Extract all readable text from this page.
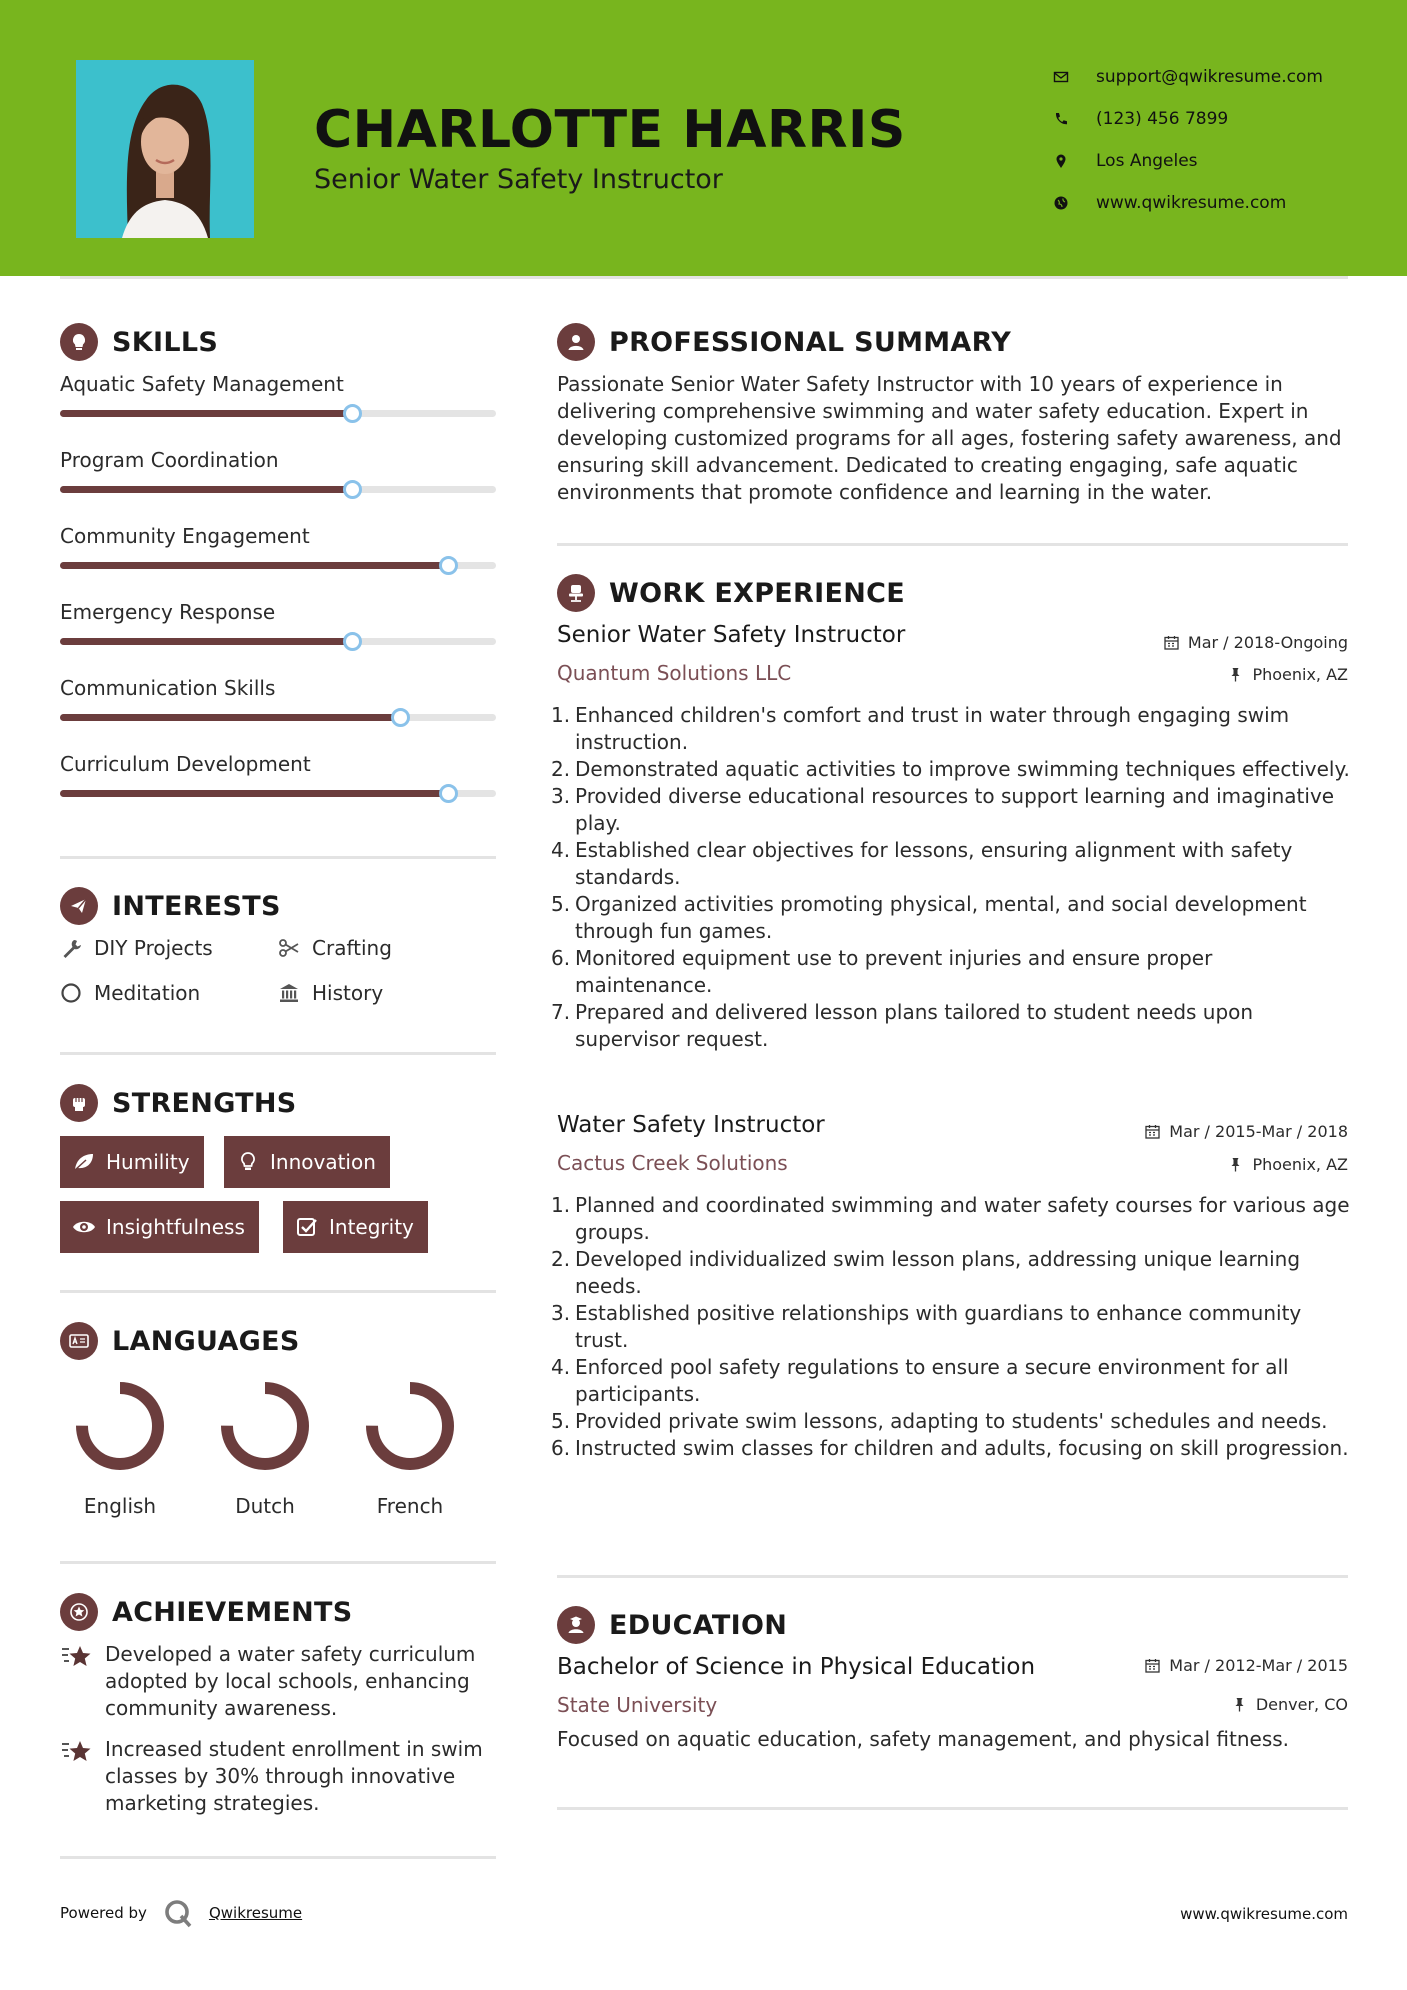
CHARLOTTE HARRIS
Senior Water Safety Instructor
support@qwikresume.com
(123) 456 7899
Los Angeles
www.qwikresume.com
SKILLS
Aquatic Safety Management
Program Coordination
Community Engagement
Emergency Response
Communication Skills
Curriculum Development
INTERESTS
DIY Projects	Crafting
Meditation	History
STRENGTHS
Humility	Innovation
Insightfulness	Integrity
LANGUAGES
English	Dutch	French
ACHIEVEMENTS
Developed a water safety curriculum adopted by local schools, enhancing community awareness.
Increased student enrollment in swim classes by 30% through innovative marketing strategies.
PROFESSIONAL SUMMARY
Passionate Senior Water Safety Instructor with 10 years of experience in delivering comprehensive swimming and water safety education. Expert in developing customized programs for all ages, fostering safety awareness, and ensuring skill advancement. Dedicated to creating engaging, safe aquatic environments that promote confidence and learning in the water.
WORK EXPERIENCE
Senior Water Safety Instructor	Mar / 2018-Ongoing
Quantum Solutions LLC	Phoenix, AZ
1. Enhanced children's comfort and trust in water through engaging swim instruction.
2. Demonstrated aquatic activities to improve swimming techniques effectively.
3. Provided diverse educational resources to support learning and imaginative play.
4. Established clear objectives for lessons, ensuring alignment with safety standards.
5. Organized activities promoting physical, mental, and social development through fun games.
6. Monitored equipment use to prevent injuries and ensure proper maintenance.
7. Prepared and delivered lesson plans tailored to student needs upon supervisor request.
Water Safety Instructor	Mar / 2015-Mar / 2018
Cactus Creek Solutions	Phoenix, AZ
1. Planned and coordinated swimming and water safety courses for various age groups.
2. Developed individualized swim lesson plans, addressing unique learning needs.
3. Established positive relationships with guardians to enhance community trust.
4. Enforced pool safety regulations to ensure a secure environment for all participants.
5. Provided private swim lessons, adapting to students' schedules and needs.
6. Instructed swim classes for children and adults, focusing on skill progression.
EDUCATION
Bachelor of Science in Physical Education	Mar / 2012-Mar / 2015
State University	Denver, CO
Focused on aquatic education, safety management, and physical fitness.
Powered by	Qwikresume	www.qwikresume.com
